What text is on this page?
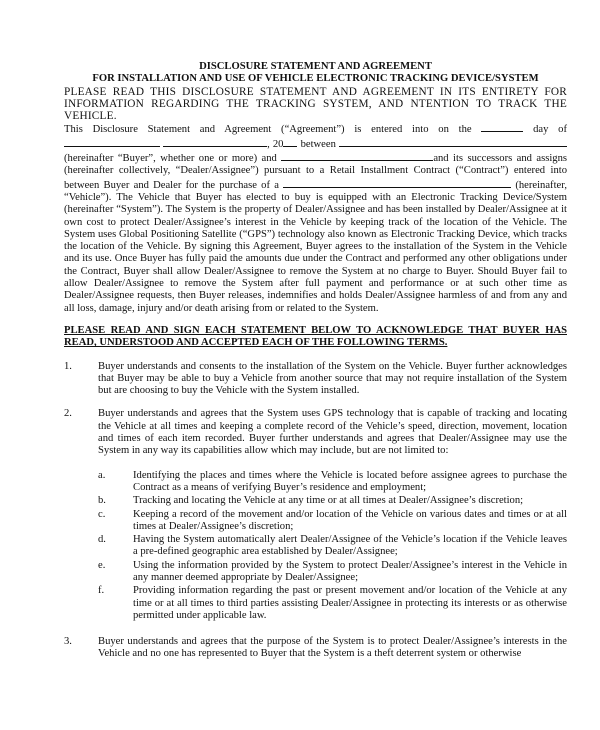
DISCLOSURE STATEMENT AND AGREEMENT
FOR INSTALLATION AND USE OF VEHICLE ELECTRONIC TRACKING DEVICE/SYSTEM
PLEASE READ THIS DISCLOSURE STATEMENT AND AGREEMENT IN ITS ENTIRETY FOR INFORMATION REGARDING THE TRACKING SYSTEM, AND NTENTION TO TRACK THE VEHICLE.
This Disclosure Statement and Agreement (“Agreement”) is entered into on the	day of  , 20 between  (hereinafter “Buyer”, whether one or more) and	and its successors and assigns (hereinafter collectively, “Dealer/Assignee”) pursuant to a Retail Installment Contract (“Contract”) entered into between Buyer and Dealer for the purchase of a	(hereinafter, “Vehicle”). The Vehicle that Buyer has elected to buy is equipped with an Electronic Tracking Device/System (hereinafter “System”). The System is the property of Dealer/Assignee and has been installed by Dealer/Assignee at it own cost to protect Dealer/Assignee’s interest in the Vehicle by keeping track of the location of the Vehicle. The System uses Global Positioning Satellite (“GPS”) technology also known as Electronic Tracking Device, which tracks the location of the Vehicle. By signing this Agreement, Buyer agrees to the installation of the System in the Vehicle and its use. Once Buyer has fully paid the amounts due under the Contract and performed any other obligations under the Contract, Buyer shall allow Dealer/Assignee to remove the System at no charge to Buyer. Should Buyer fail to allow Dealer/Assignee to remove the System after full payment and performance or at such other time as Dealer/Assignee requests, then Buyer releases, indemnifies and holds Dealer/Assignee harmless of and from any and all loss, damage, injury and/or death arising from or related to the System.
PLEASE READ AND SIGN EACH STATEMENT BELOW TO ACKNOWLEDGE THAT BUYER HAS READ, UNDERSTOOD AND ACCEPTED EACH OF THE FOLLOWING TERMS.
1.	Buyer understands and consents to the installation of the System on the Vehicle. Buyer further acknowledges that Buyer may be able to buy a Vehicle from another source that may not require installation of the System but are choosing to buy the Vehicle with the System installed.
2.	Buyer understands and agrees that the System uses GPS technology that is capable of tracking and locating the Vehicle at all times and keeping a complete record of the Vehicle’s speed, direction, movement, location and times of each item recorded. Buyer further understands and agrees that Dealer/Assignee may use the System in any way its capabilities allow which may include, but are not limited to:
a.	Identifying the places and times where the Vehicle is located before assignee agrees to purchase the Contract as a means of verifying Buyer’s residence and employment;
b.	Tracking and locating the Vehicle at any time or at all times at Dealer/Assignee’s discretion;
c.	Keeping a record of the movement and/or location of the Vehicle on various dates and times or at all times at Dealer/Assignee’s discretion;
d.	Having the System automatically alert Dealer/Assignee of the Vehicle’s location if the Vehicle leaves a pre-defined geographic area established by Dealer/Assignee;
e.	Using the information provided by the System to protect Dealer/Assignee’s interest in the Vehicle in any manner deemed appropriate by Dealer/Assignee;
f.	Providing information regarding the past or present movement and/or location of the Vehicle at any time or at all times to third parties assisting Dealer/Assignee in protecting its interests or as otherwise permitted under applicable law.
3.	Buyer understands and agrees that the purpose of the System is to protect Dealer/Assignee’s interests in the Vehicle and no one has represented to Buyer that the System is a theft deterrent system or otherwise
